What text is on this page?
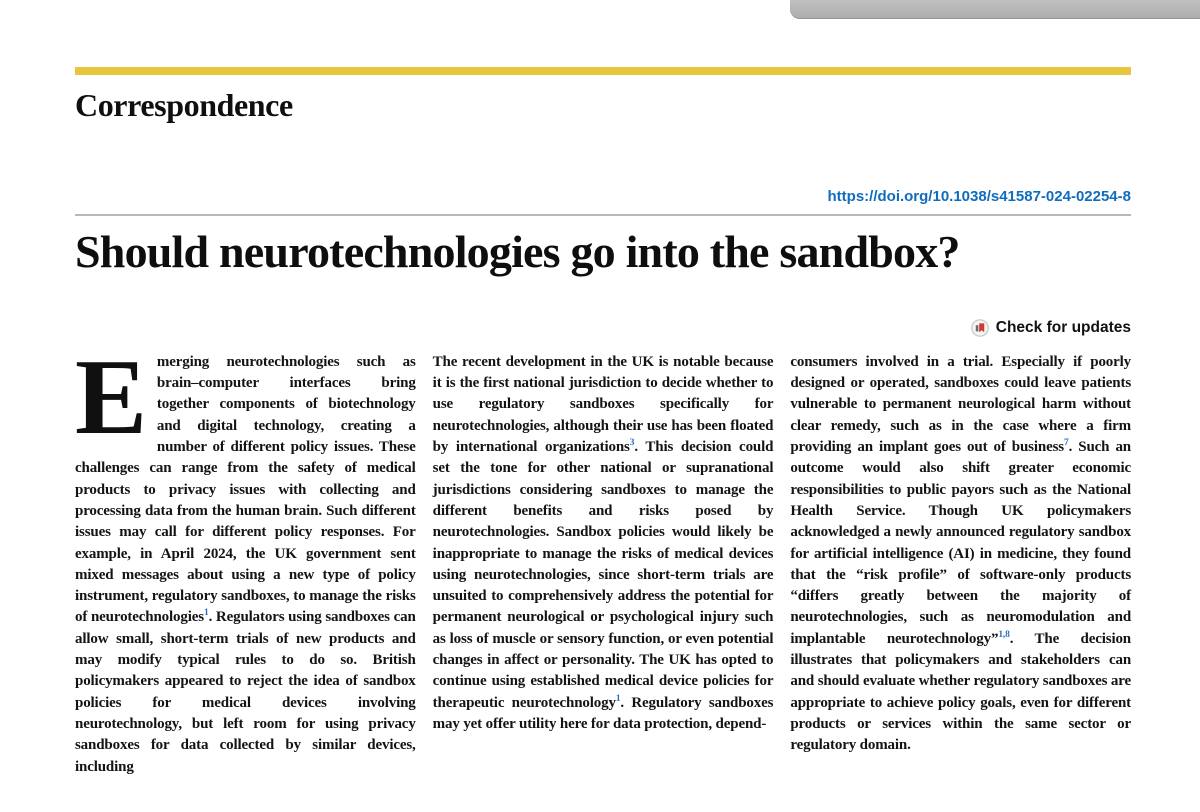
Correspondence
https://doi.org/10.1038/s41587-024-02254-8
Should neurotechnologies go into the sandbox?
Check for updates

Emerging neurotechnologies such as brain–computer interfaces bring together components of biotechnology and digital technology, creating a number of different policy issues. These challenges can range from the safety of medical products to privacy issues with collecting and processing data from the human brain. Such different issues may call for different policy responses. For example, in April 2024, the UK government sent mixed messages about using a new type of policy instrument, regulatory sandboxes, to manage the risks of neurotechnologies$^1$. Regulators using sandboxes can allow small, short-term trials of new products and may modify typical rules to do so. British policymakers appeared to reject the idea of sandbox policies for medical devices involving neurotechnology, but left room for using privacy sandboxes for data collected by similar devices, including

The recent development in the UK is notable because it is the first national jurisdiction to decide whether to use regulatory sandboxes specifically for neurotechnologies, although their use has been floated by international organizations$^3$. This decision could set the tone for other national or supranational jurisdictions considering sandboxes to manage the different benefits and risks posed by neurotechnologies. Sandbox policies would likely be inappropriate to manage the risks of medical devices using neurotechnologies, since short-term trials are unsuited to comprehensively address the potential for permanent neurological or psychological injury such as loss of muscle or sensory function, or even potential changes in affect or personality. The UK has opted to continue using established medical device policies for therapeutic neurotechnology$^1$. Regulatory sandboxes may yet offer utility here for data protection, depend-

consumers involved in a trial. Especially if poorly designed or operated, sandboxes could leave patients vulnerable to permanent neurological harm without clear remedy, such as in the case where a firm providing an implant goes out of business$^7$. Such an outcome would also shift greater economic responsibilities to public payors such as the National Health Service. Though UK policymakers acknowledged a newly announced regulatory sandbox for artificial intelligence (AI) in medicine, they found that the “risk profile” of software-only products “differs greatly between the majority of neurotechnologies, such as neuromodulation and implantable neurotechnology”$^{1,8}$. The decision illustrates that policymakers and stakeholders can and should evaluate whether regulatory sandboxes are appropriate to achieve policy goals, even for different products or services within the same sector or regulatory domain.
